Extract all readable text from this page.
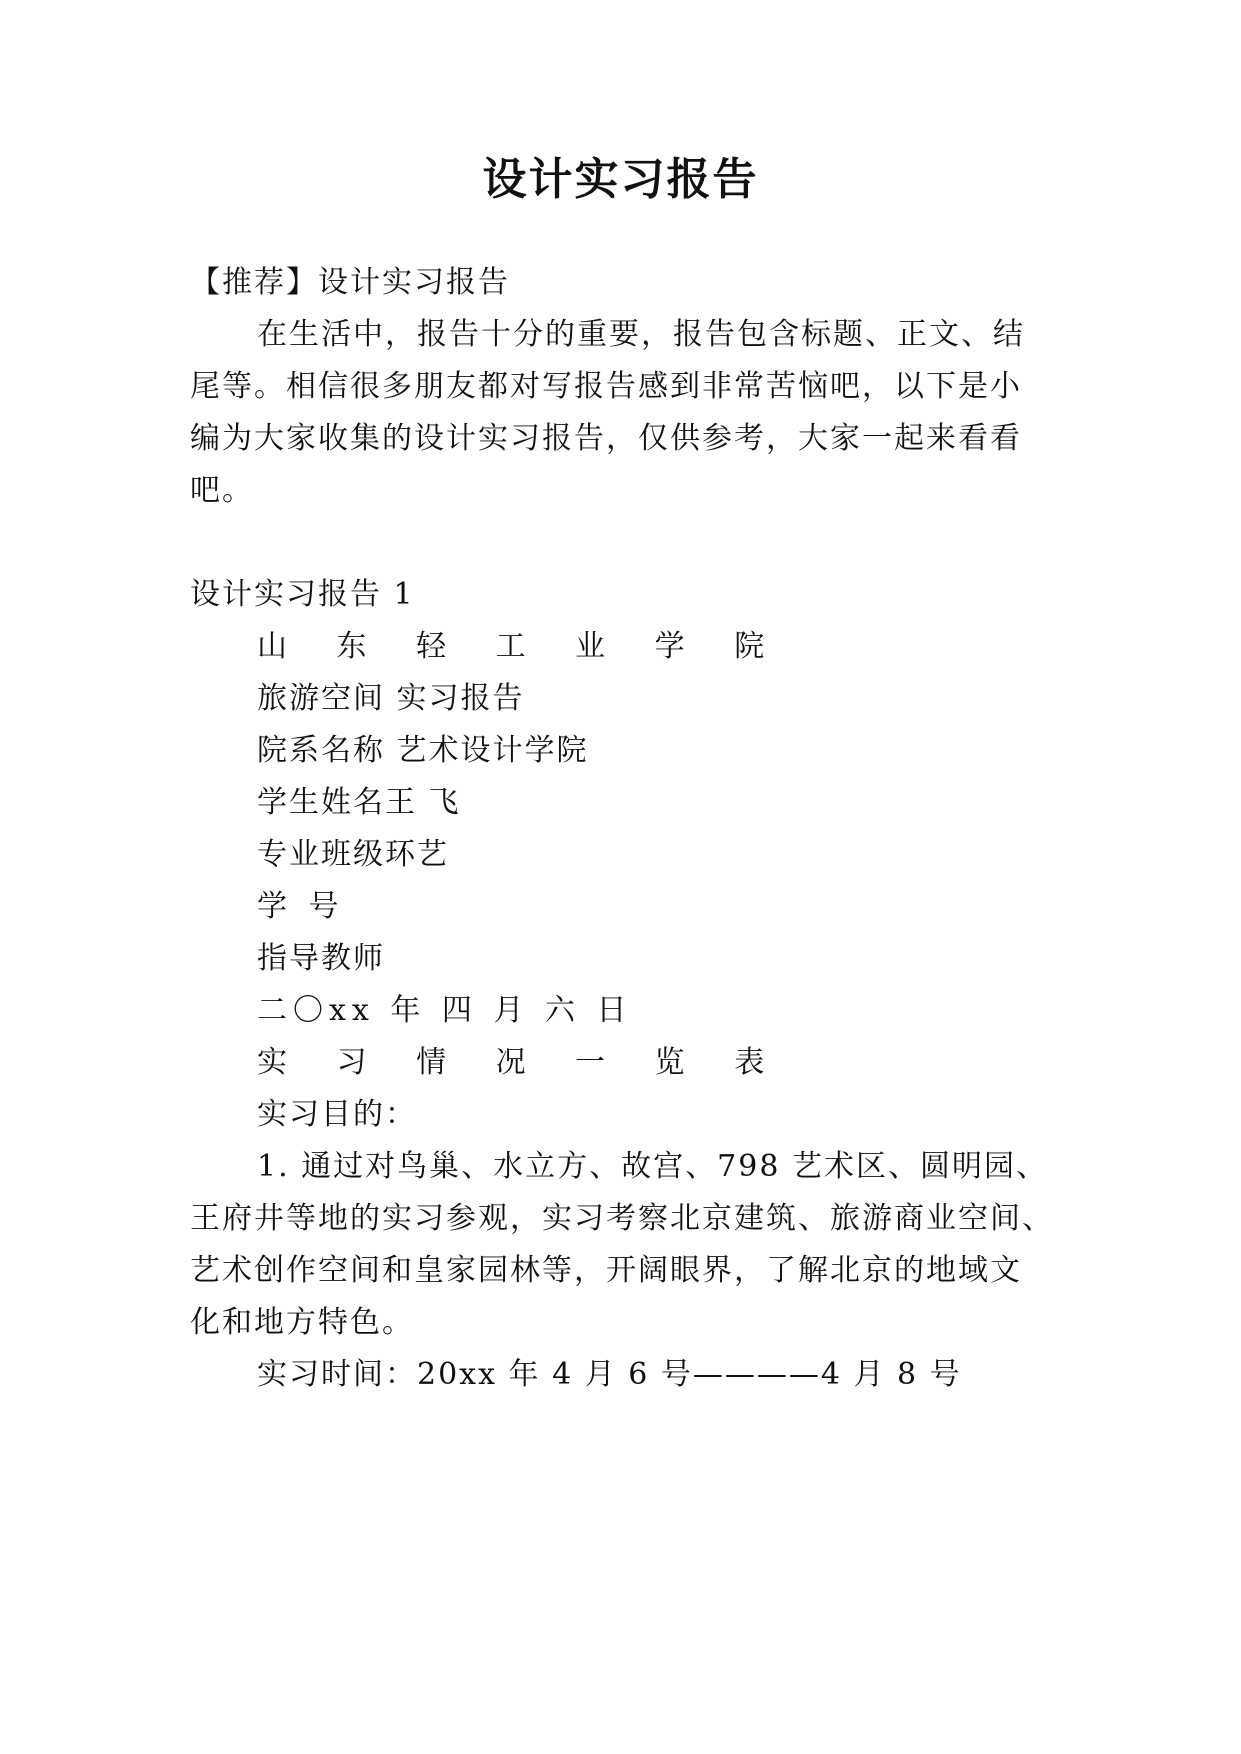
设计实习报告
【推荐】设计实习报告
在生活中，报告十分的重要，报告包含标题、正文、结
尾等。相信很多朋友都对写报告感到非常苦恼吧，以下是小
编为大家收集的设计实习报告，仅供参考，大家一起来看看
吧。
设计实习报告 1
山 东 轻 工 业 学 院
旅游空间 实习报告
院系名称 艺术设计学院
学生姓名王 飞
专业班级环艺
学 号
指导教师
二〇xx 年 四 月 六 日
实 习 情 况 一 览 表
实习目的：
1. 通过对鸟巢、水立方、故宫、798 艺术区、圆明园、
王府井等地的实习参观，实习考察北京建筑、旅游商业空间、
艺术创作空间和皇家园林等，开阔眼界，了解北京的地域文
化和地方特色。
实习时间：20xx 年 4 月 6 号————4 月 8 号
